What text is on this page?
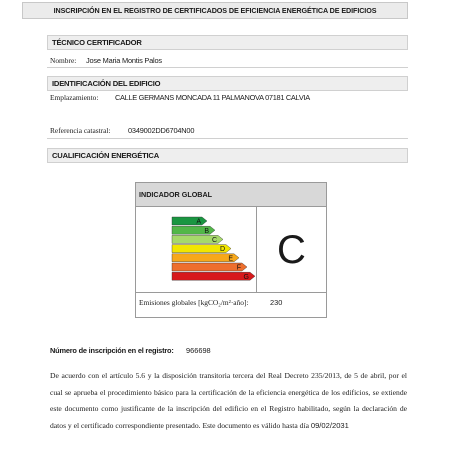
INSCRIPCIÓN EN EL REGISTRO DE CERTIFICADOS DE EFICIENCIA ENERGÉTICA DE EDIFICIOS
TÉCNICO CERTIFICADOR
Nombre: Jose Maria Montis Palos
IDENTIFICACIÓN DEL EDIFICIO
Emplazamiento: CALLE GERMANS MONCADA 11 PALMANOVA 07181 CALVIA
Referencia catastral: 0349002DD6704N00
CUALIFICACIÓN ENERGÉTICA
INDICADOR GLOBAL
A
B
C
D
E
F
G
C
Emisiones globales [kgCO₂/m²·año]:	230
Número de inscripción en el registro: 966698
De acuerdo con el artículo 5.6 y la disposición transitoria tercera del Real Decreto 235/2013, de 5 de abril, por el cual se aprueba el procedimiento básico para la certificación de la eficiencia energética de los edificios, se extiende este documento como justificante de la inscripción del edificio en el Registro habilitado, según la declaración de datos y el certificado correspondiente presentado. Este documento es válido hasta día 09/02/2031
